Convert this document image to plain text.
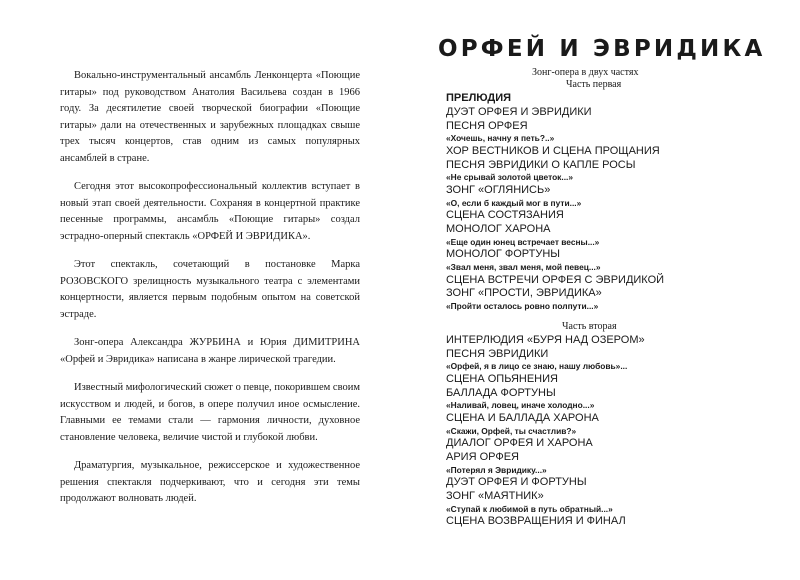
Вокально-инструментальный ансамбль Ленконцерта «Поющие гитары» под руководством Анатолия Васильева создан в 1966 году. За десятилетие своей творческой биографии «Поющие гитары» дали на отечественных и зарубежных площадках свыше трех тысяч концертов, став одним из самых популярных ансамблей в стране.

Сегодня этот высокопрофессиональный коллектив вступает в новый этап своей деятельности. Сохраняя в концертной практике песенные программы, ансамбль «Поющие гитары» создал эстрадно-оперный спектакль «ОРФЕЙ И ЭВРИДИКА».

Этот спектакль, сочетающий в постановке Марка РОЗОВСКОГО зрелищность музыкального театра с элементами концертности, является первым подобным опытом на советской эстраде.

Зонг-опера Александра ЖУРБИНА и Юрия ДИМИТРИНА «Орфей и Эвридика» написана в жанре лирической трагедии.

Известный мифологический сюжет о певце, покорившем своим искусством и людей, и богов, в опере получил иное осмысление. Главными ее темами стали — гармония личности, духовное становление человека, величие чистой и глубокой любви.

Драматургия, музыкальное, режиссерское и художественное решения спектакля подчеркивают, что и сегодня эти темы продолжают волновать людей.

ОРФЕЙ И ЭВРИДИКА
Зонг-опера в двух частях
Часть первая
ПРЕЛЮДИЯ
ДУЭТ ОРФЕЯ И ЭВРИДИКИ
ПЕСНЯ ОРФЕЯ
«Хочешь, начну я петь?..»
ХОР ВЕСТНИКОВ И СЦЕНА ПРОЩАНИЯ
ПЕСНЯ ЭВРИДИКИ О КАПЛЕ РОСЫ
«Не срывай золотой цветок...»
ЗОНГ «ОГЛЯНИСЬ»
«О, если б каждый мог в пути...»
СЦЕНА СОСТЯЗАНИЯ
МОНОЛОГ ХАРОНА
«Еще один юнец встречает весны...»
МОНОЛОГ ФОРТУНЫ
«Звал меня, звал меня, мой певец...»
СЦЕНА ВСТРЕЧИ ОРФЕЯ С ЭВРИДИКОЙ
ЗОНГ «ПРОСТИ, ЭВРИДИКА»
«Пройти осталось ровно полпути...»
Часть вторая
ИНТЕРЛЮДИЯ «БУРЯ НАД ОЗЕРОМ»
ПЕСНЯ ЭВРИДИКИ
«Орфей, я в лицо се знаю, нашу любовь»...
СЦЕНА ОПЬЯНЕНИЯ
БАЛЛАДА ФОРТУНЫ
«Наливай, ловец, иначе холодно...»
СЦЕНА И БАЛЛАДА ХАРОНА
«Скажи, Орфей, ты счастлив?»
ДИАЛОГ ОРФЕЯ И ХАРОНА
АРИЯ ОРФЕЯ
«Потерял я Эвридику...»
ДУЭТ ОРФЕЯ И ФОРТУНЫ
ЗОНГ «МАЯТНИК»
«Ступай к любимой в путь обратный...»
СЦЕНА ВОЗВРАЩЕНИЯ И ФИНАЛ
